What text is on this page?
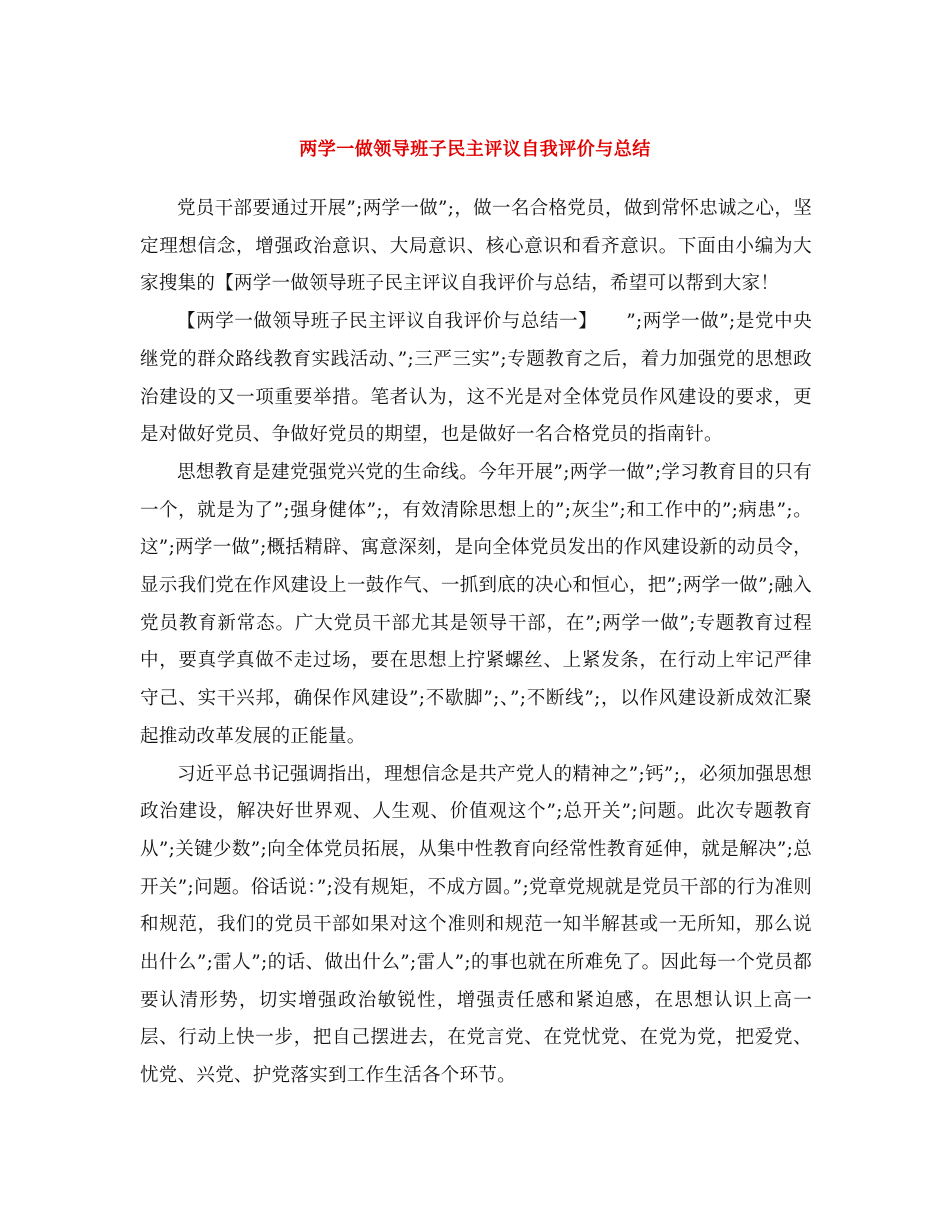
两学一做领导班子民主评议自我评价与总结

党员干部要通过开展”;两学一做”;，做一名合格党员，做到常怀忠诚之心，坚定理想信念，增强政治意识、大局意识、核心意识和看齐意识。下面由小编为大家搜集的【两学一做领导班子民主评议自我评价与总结，希望可以帮到大家！

【两学一做领导班子民主评议自我评价与总结一】　　”;两学一做”;是党中央继党的群众路线教育实践活动、”;三严三实”;专题教育之后，着力加强党的思想政治建设的又一项重要举措。笔者认为，这不光是对全体党员作风建设的要求，更是对做好党员、争做好党员的期望，也是做好一名合格党员的指南针。

思想教育是建党强党兴党的生命线。今年开展”;两学一做”;学习教育目的只有一个，就是为了”;强身健体”;，有效清除思想上的”;灰尘”;和工作中的”;病患”;。这”;两学一做”;概括精辟、寓意深刻，是向全体党员发出的作风建设新的动员令，显示我们党在作风建设上一鼓作气、一抓到底的决心和恒心，把”;两学一做”;融入党员教育新常态。广大党员干部尤其是领导干部，在”;两学一做”;专题教育过程中，要真学真做不走过场，要在思想上拧紧螺丝、上紧发条，在行动上牢记严律守己、实干兴邦，确保作风建设”;不歇脚”;、”;不断线”;，以作风建设新成效汇聚起推动改革发展的正能量。

习近平总书记强调指出，理想信念是共产党人的精神之”;钙”;，必须加强思想政治建设，解决好世界观、人生观、价值观这个”;总开关”;问题。此次专题教育从”;关键少数”;向全体党员拓展，从集中性教育向经常性教育延伸，就是解决”;总开关”;问题。俗话说：”;没有规矩，不成方圆。”;党章党规就是党员干部的行为准则和规范，我们的党员干部如果对这个准则和规范一知半解甚或一无所知，那么说出什么”;雷人”;的话、做出什么”;雷人”;的事也就在所难免了。因此每一个党员都要认清形势，切实增强政治敏锐性，增强责任感和紧迫感，在思想认识上高一层、行动上快一步，把自己摆进去，在党言党、在党忧党、在党为党，把爱党、忧党、兴党、护党落实到工作生活各个环节。
